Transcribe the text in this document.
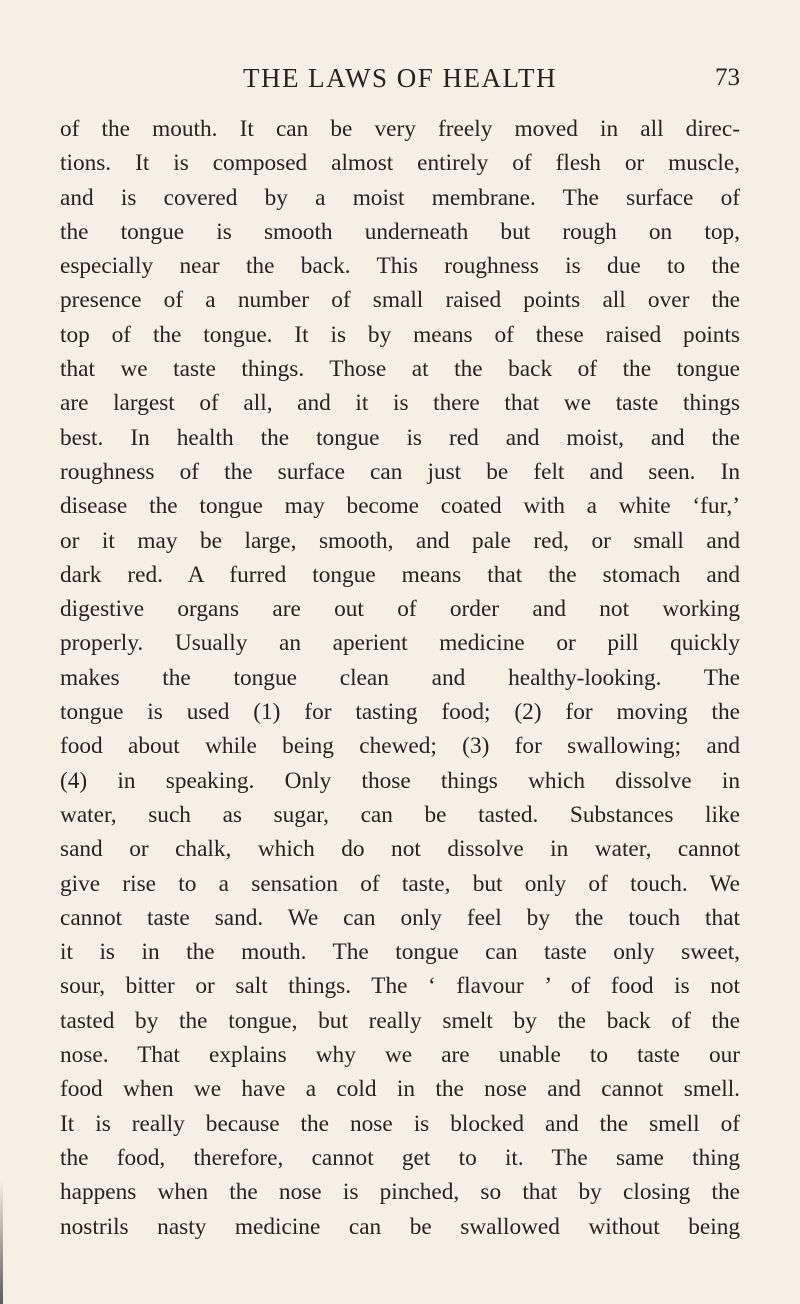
THE LAWS OF HEALTH	73
of the mouth. It can be very freely moved in all direc-
tions. It is composed almost entirely of flesh or muscle,
and is covered by a moist membrane. The surface of
the tongue is smooth underneath but rough on top,
especially near the back. This roughness is due to the
presence of a number of small raised points all over the
top of the tongue. It is by means of these raised points
that we taste things. Those at the back of the tongue
are largest of all, and it is there that we taste things
best. In health the tongue is red and moist, and the
roughness of the surface can just be felt and seen. In
disease the tongue may become coated with a white ‘fur,’
or it may be large, smooth, and pale red, or small and
dark red. A furred tongue means that the stomach and
digestive organs are out of order and not working
properly. Usually an aperient medicine or pill quickly
makes the tongue clean and healthy-looking. The
tongue is used (1) for tasting food; (2) for moving the
food about while being chewed; (3) for swallowing; and
(4) in speaking. Only those things which dissolve in
water, such as sugar, can be tasted. Substances like
sand or chalk, which do not dissolve in water, cannot
give rise to a sensation of taste, but only of touch. We
cannot taste sand. We can only feel by the touch that
it is in the mouth. The tongue can taste only sweet,
sour, bitter or salt things. The ‘ flavour ’ of food is not
tasted by the tongue, but really smelt by the back of the
nose. That explains why we are unable to taste our
food when we have a cold in the nose and cannot smell.
It is really because the nose is blocked and the smell of
the food, therefore, cannot get to it. The same thing
happens when the nose is pinched, so that by closing the
nostrils nasty medicine can be swallowed without being
